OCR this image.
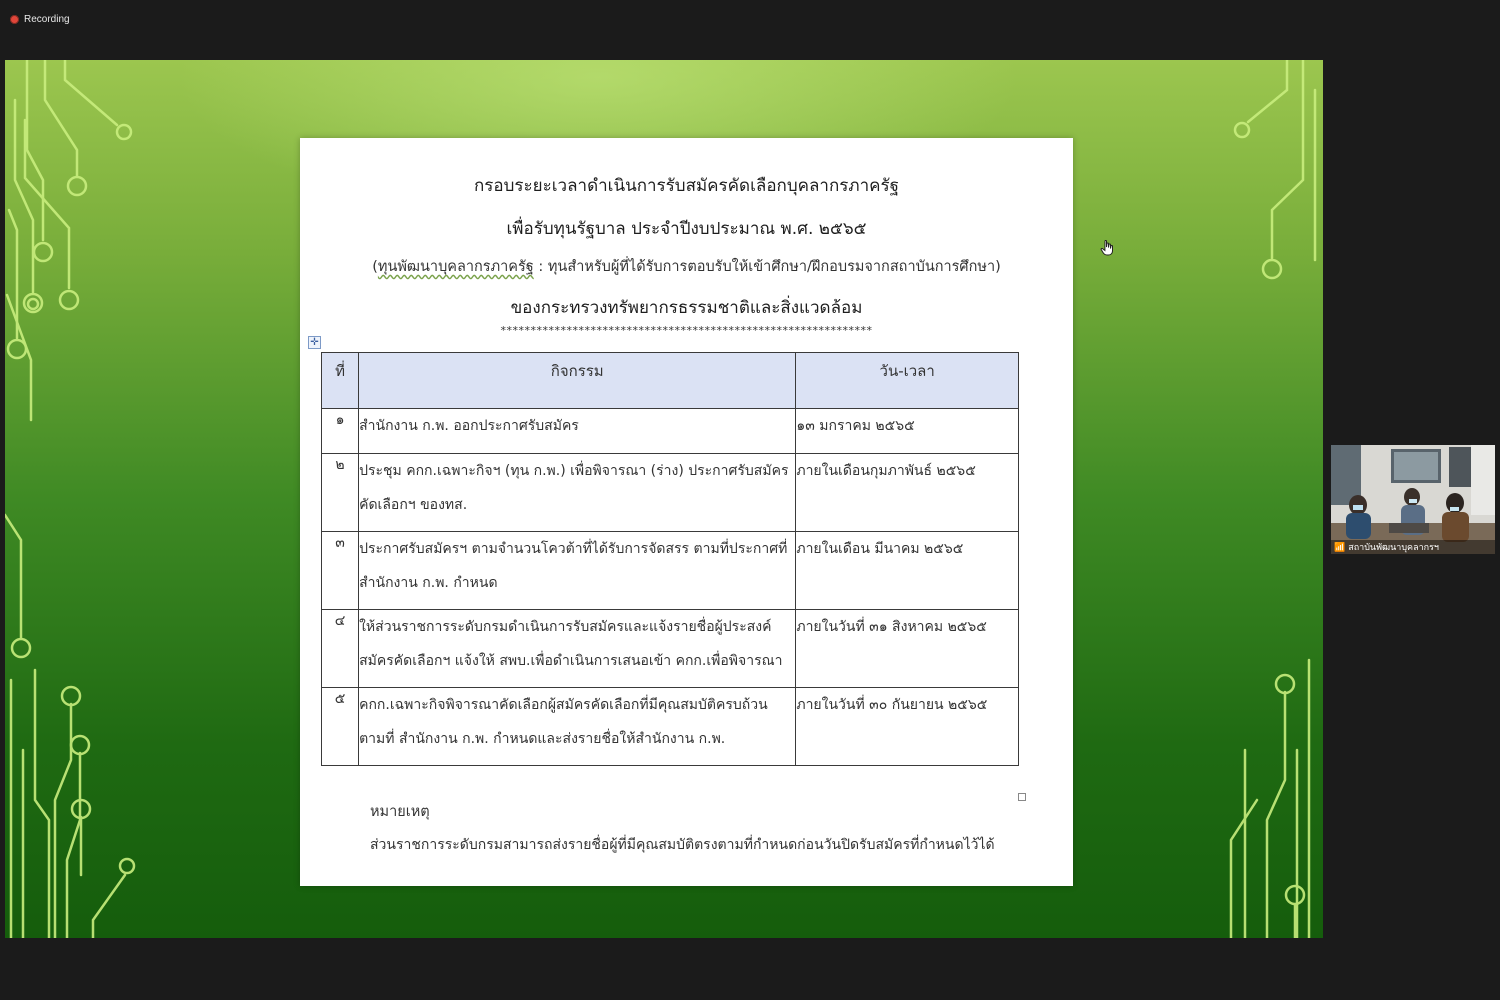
Recording
กรอบระยะเวลาดำเนินการรับสมัครคัดเลือกบุคลากรภาครัฐ
เพื่อรับทุนรัฐบาล ประจำปีงบประมาณ พ.ศ. ๒๕๖๕
(ทุนพัฒนาบุคลากรภาครัฐ : ทุนสำหรับผู้ที่ได้รับการตอบรับให้เข้าศึกษา/ฝึกอบรมจากสถาบันการศึกษา)
ของกระทรวงทรัพยากรธรรมชาติและสิ่งแวดล้อม
**************************************************************
✛
ที่	กิจกรรม	วัน-เวลา
๑	สำนักงาน ก.พ. ออกประกาศรับสมัคร	๑๓ มกราคม ๒๕๖๕
๒	ประชุม คกก.เฉพาะกิจฯ (ทุน ก.พ.) เพื่อพิจารณา (ร่าง) ประกาศรับสมัคร คัดเลือกฯ ของทส.	ภายในเดือนกุมภาพันธ์ ๒๕๖๕
๓	ประกาศรับสมัครฯ ตามจำนวนโควต้าที่ได้รับการจัดสรร ตามที่ประกาศที่ สำนักงาน ก.พ. กำหนด	ภายในเดือน มีนาคม ๒๕๖๕
๔	ให้ส่วนราชการระดับกรมดำเนินการรับสมัครและแจ้งรายชื่อผู้ประสงค์ สมัครคัดเลือกฯ แจ้งให้ สพบ.เพื่อดำเนินการเสนอเข้า คกก.เพื่อพิจารณา	ภายในวันที่ ๓๑ สิงหาคม ๒๕๖๕
๕	คกก.เฉพาะกิจพิจารณาคัดเลือกผู้สมัครคัดเลือกที่มีคุณสมบัติครบถ้วน ตามที่ สำนักงาน ก.พ. กำหนดและส่งรายชื่อให้สำนักงาน ก.พ.	ภายในวันที่ ๓๐ กันยายน ๒๕๖๕
หมายเหตุ
ส่วนราชการระดับกรมสามารถส่งรายชื่อผู้ที่มีคุณสมบัติตรงตามที่กำหนดก่อนวันปิดรับสมัครที่กำหนดไว้ได้
📶 สถาบันพัฒนาบุคลากรฯ
